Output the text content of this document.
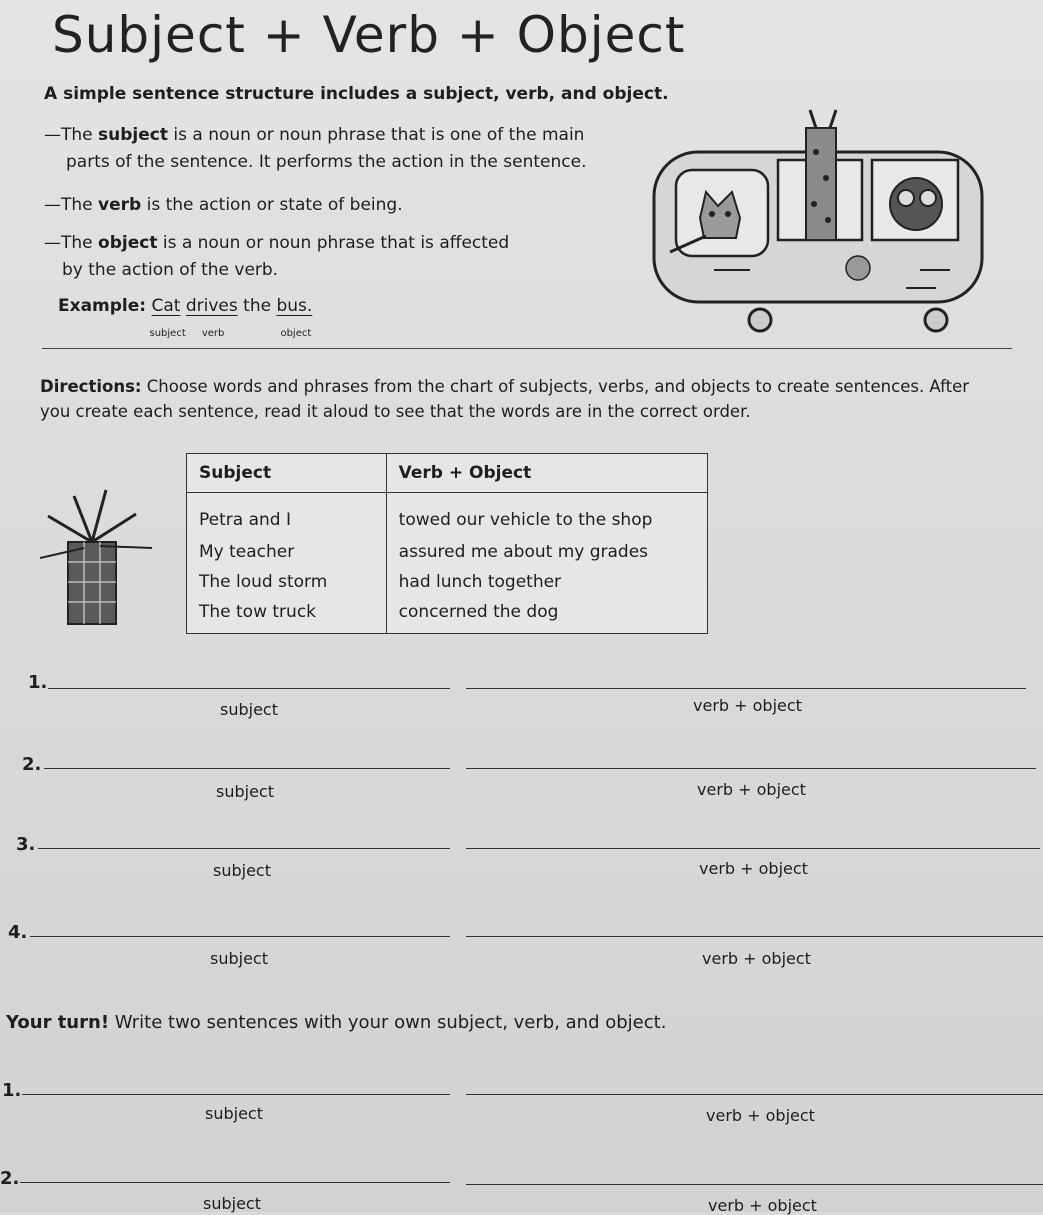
Subject + Verb + Object
A simple sentence structure includes a subject, verb, and object.
—The subject is a noun or noun phrase that is one of the main
parts of the sentence. It performs the action in the sentence.
—The verb is the action or state of being.
—The object is a noun or noun phrase that is affected
by the action of the verb.
Example: Cat
subject
drives
verb
the bus.
object
Directions: Choose words and phrases from the chart of subjects, verbs, and objects to create sentences. After you create each sentence, read it aloud to see that the words are in the correct order.
Subject	Verb + Object
Petra and I	towed our vehicle to the shop
My teacher	assured me about my grades
The loud storm	had lunch together
The tow truck	concerned the dog
1.
subject	verb + object
2.
subject	verb + object
3.
subject	verb + object
4.
subject	verb + object
Your turn! Write two sentences with your own subject, verb, and object.
1.
subject	verb + object
2.
subject	verb + object
